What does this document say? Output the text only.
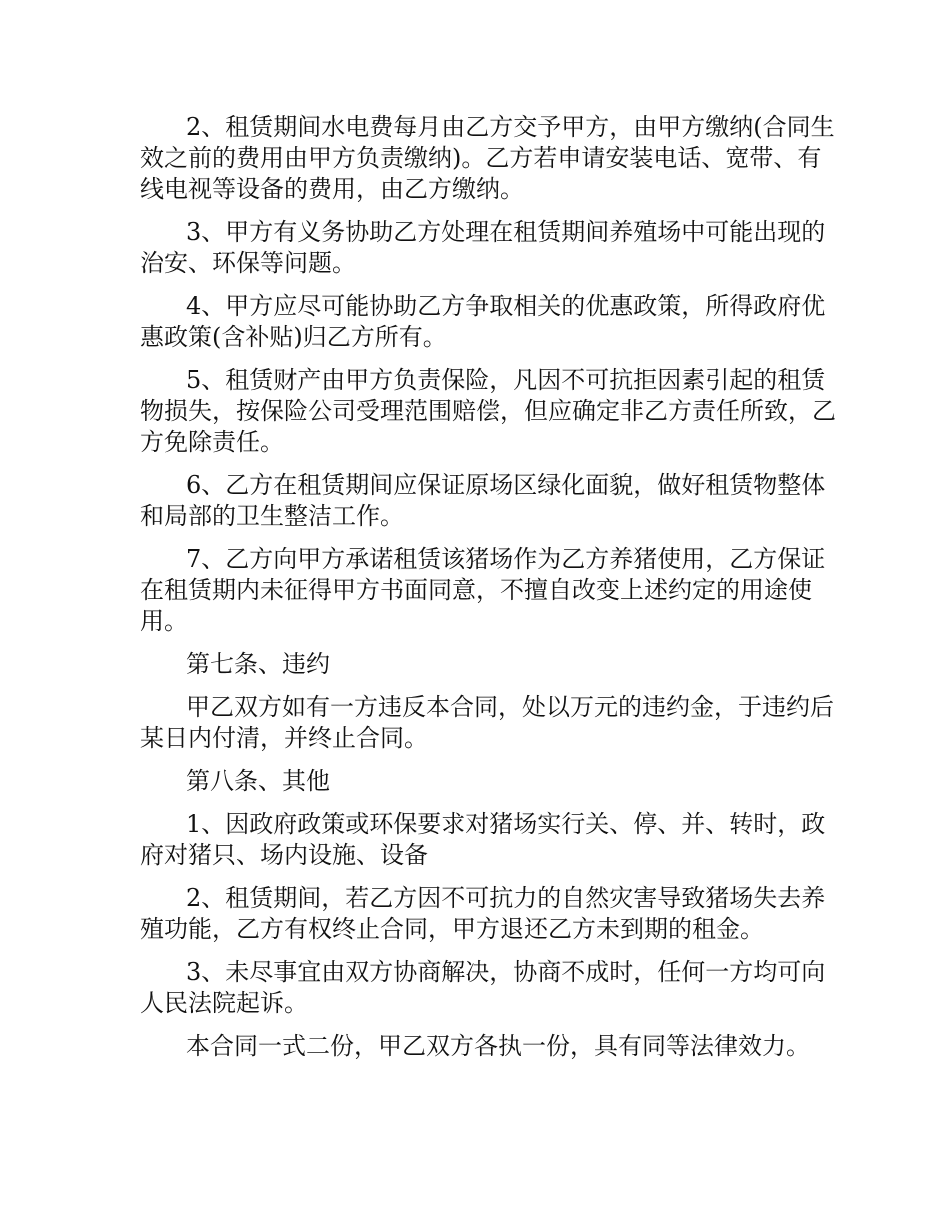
2、租赁期间水电费每月由乙方交予甲方，由甲方缴纳(合同生效之前的费用由甲方负责缴纳)。乙方若申请安装电话、宽带、有线电视等设备的费用，由乙方缴纳。

3、甲方有义务协助乙方处理在租赁期间养殖场中可能出现的治安、环保等问题。

4、甲方应尽可能协助乙方争取相关的优惠政策，所得政府优惠政策(含补贴)归乙方所有。

5、租赁财产由甲方负责保险，凡因不可抗拒因素引起的租赁物损失，按保险公司受理范围赔偿，但应确定非乙方责任所致，乙方免除责任。

6、乙方在租赁期间应保证原场区绿化面貌，做好租赁物整体和局部的卫生整洁工作。

7、乙方向甲方承诺租赁该猪场作为乙方养猪使用，乙方保证在租赁期内未征得甲方书面同意，不擅自改变上述约定的用途使用。

第七条、违约

甲乙双方如有一方违反本合同，处以万元的违约金，于违约后某日内付清，并终止合同。

第八条、其他

1、因政府政策或环保要求对猪场实行关、停、并、转时，政府对猪只、场内设施、设备

2、租赁期间，若乙方因不可抗力的自然灾害导致猪场失去养殖功能，乙方有权终止合同，甲方退还乙方未到期的租金。

3、未尽事宜由双方协商解决，协商不成时，任何一方均可向人民法院起诉。

本合同一式二份，甲乙双方各执一份，具有同等法律效力。
